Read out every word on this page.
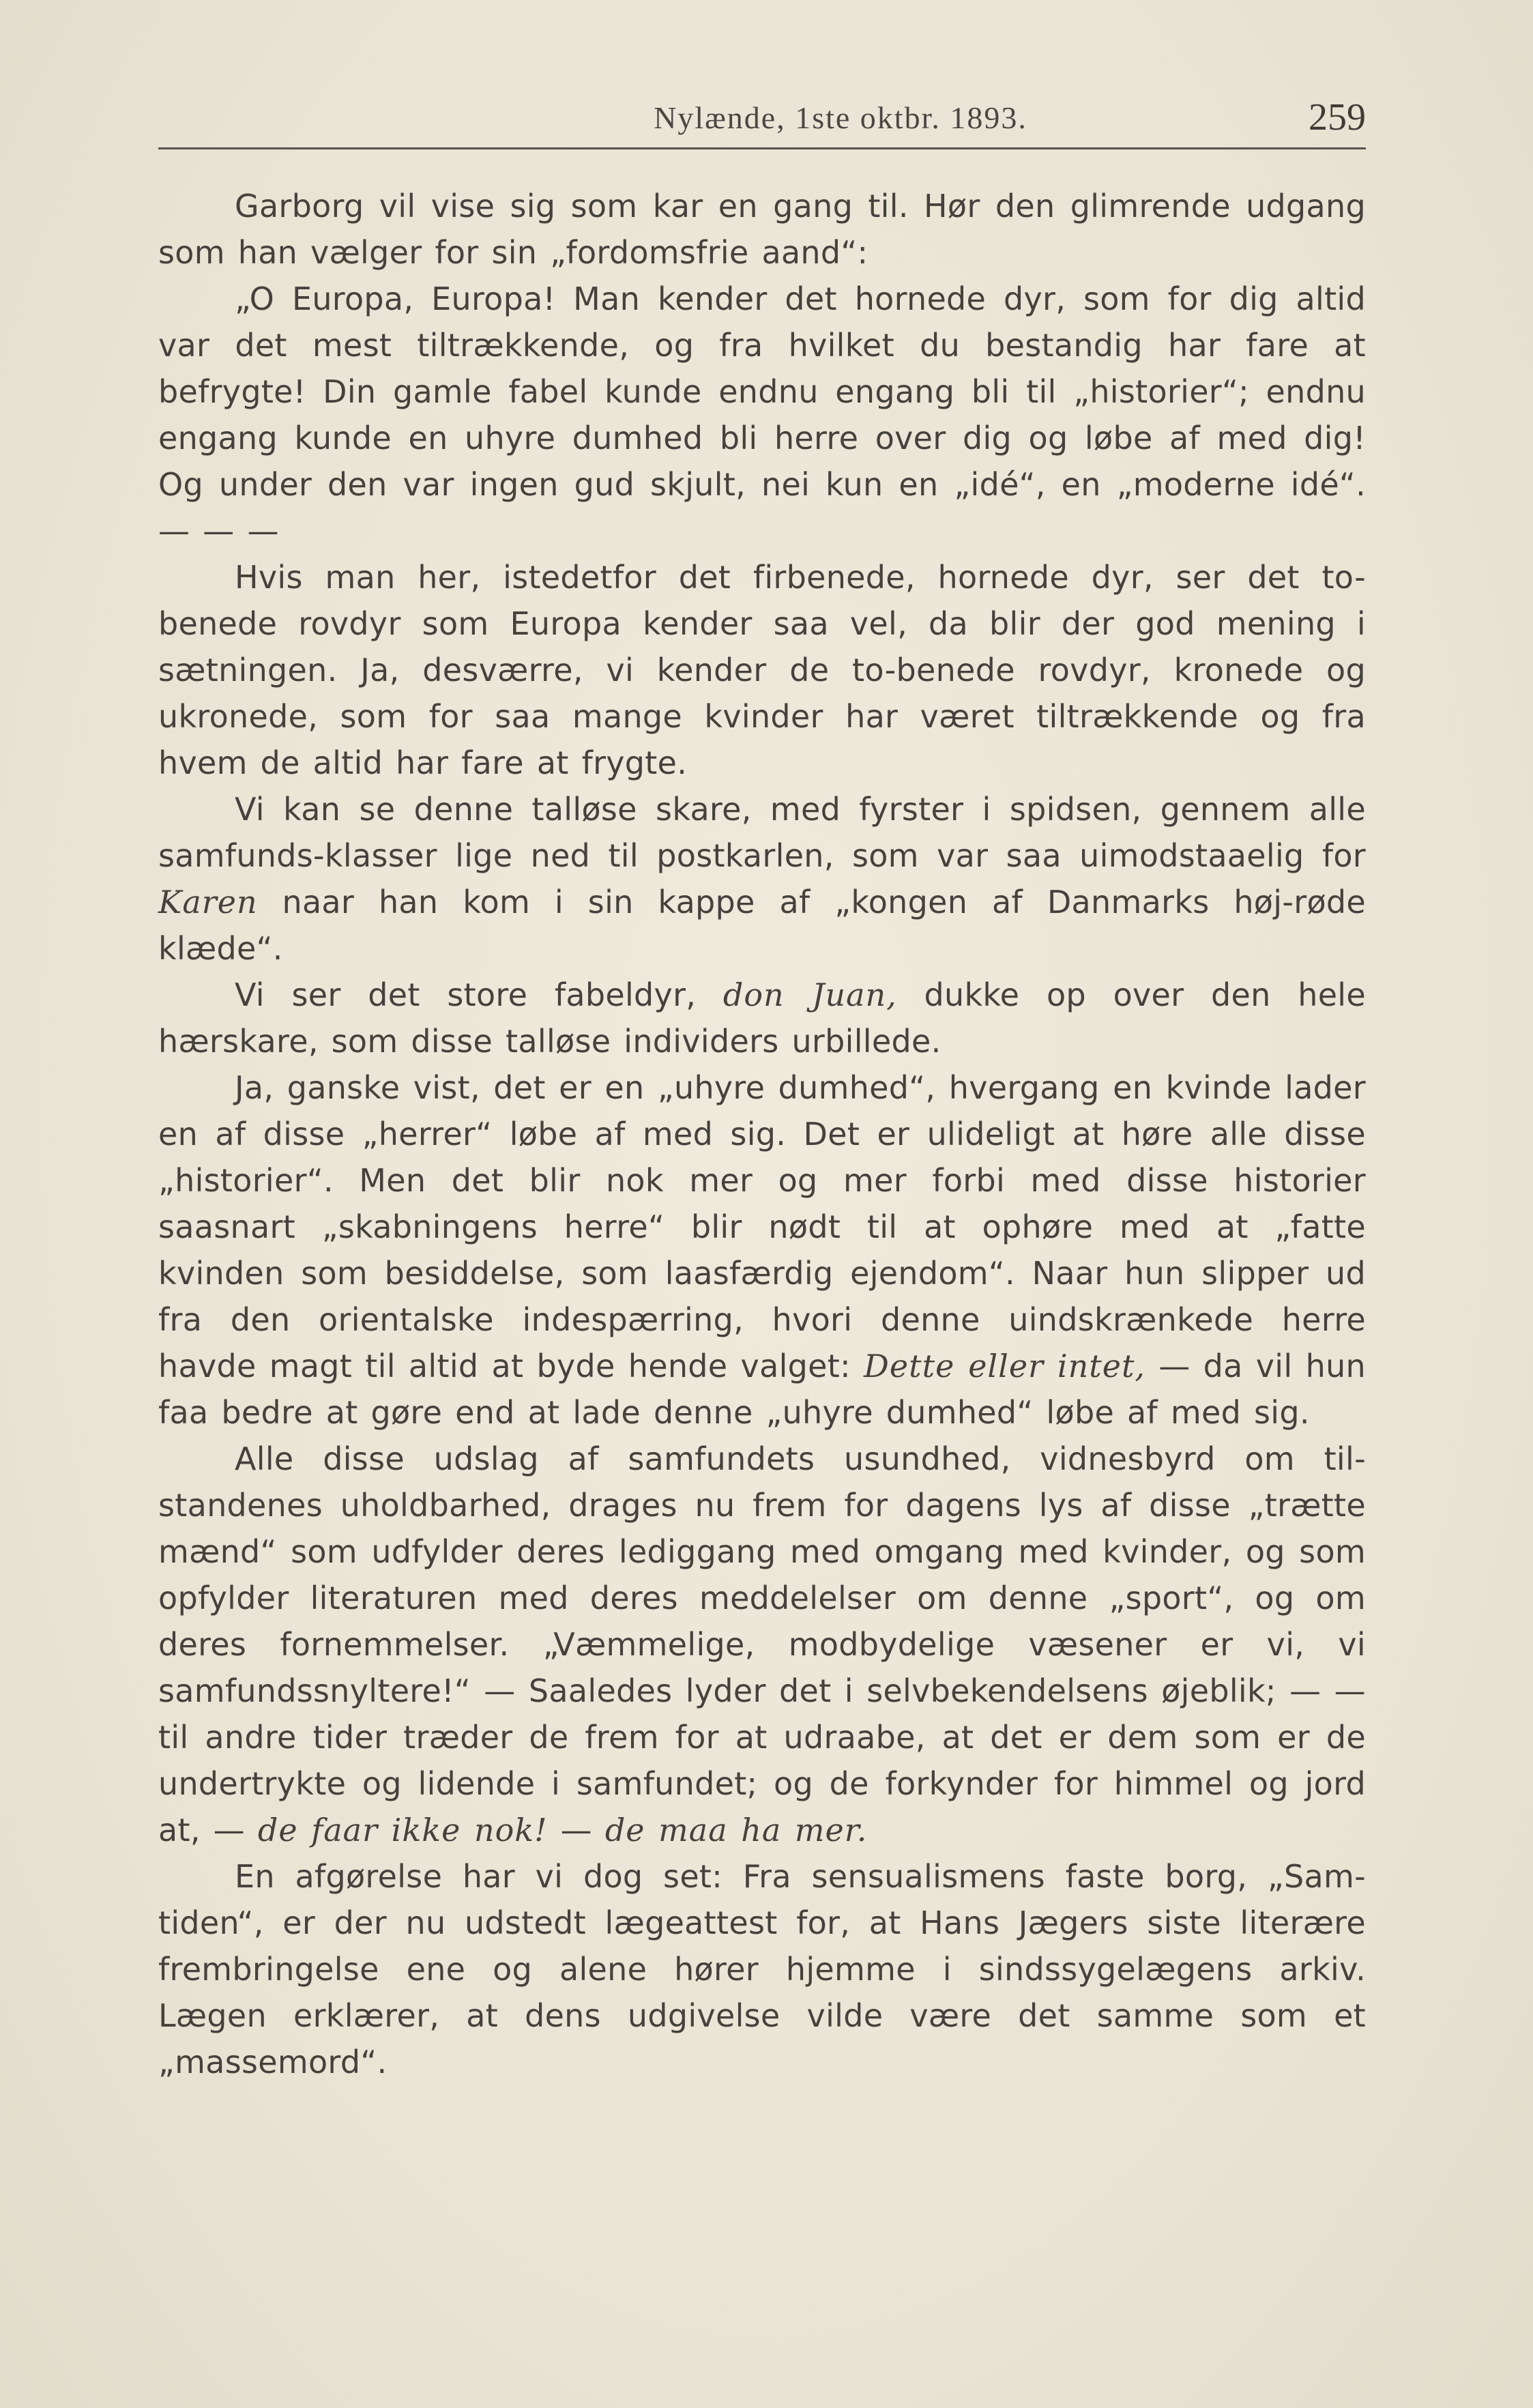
Nylænde, 1ste oktbr. 1893.	259

Garborg vil vise sig som kar en gang til. Hør den glimrende udgang som han vælger for sin „fordomsfrie aand“:

„O Europa, Europa! Man kender det hornede dyr, som for dig altid var det mest tiltrækkende, og fra hvilket du bestandig har fare at befrygte! Din gamle fabel kunde endnu engang bli til „historier“; endnu engang kunde en uhyre dumhed bli herre over dig og løbe af med dig! Og under den var ingen gud skjult, nei kun en „idé“, en „moderne idé“. — — —

Hvis man her, istedetfor det firbenede, hornede dyr, ser det to-benede rovdyr som Europa kender saa vel, da blir der god mening i sætningen. Ja, desværre, vi kender de to-benede rovdyr, kronede og ukronede, som for saa mange kvinder har været tiltrækkende og fra hvem de altid har fare at frygte.

Vi kan se denne talløse skare, med fyrster i spidsen, gennem alle samfunds-klasser lige ned til postkarlen, som var saa uimodstaaelig for Karen naar han kom i sin kappe af „kongen af Danmarks høj-røde klæde“.

Vi ser det store fabeldyr, don Juan, dukke op over den hele hærskare, som disse talløse individers urbillede.

Ja, ganske vist, det er en „uhyre dumhed“, hvergang en kvinde lader en af disse „herrer“ løbe af med sig. Det er ulideligt at høre alle disse „historier“. Men det blir nok mer og mer forbi med disse historier saasnart „skabningens herre“ blir nødt til at ophøre med at „fatte kvinden som besiddelse, som laasfærdig ejendom“. Naar hun slipper ud fra den orientalske indespærring, hvori denne uindskrænkede herre havde magt til altid at byde hende valget: Dette eller intet, — da vil hun faa bedre at gøre end at lade denne „uhyre dumhed“ løbe af med sig.

Alle disse udslag af samfundets usundhed, vidnesbyrd om til-standenes uholdbarhed, drages nu frem for dagens lys af disse „trætte mænd“ som udfylder deres lediggang med omgang med kvinder, og som opfylder literaturen med deres meddelelser om denne „sport“, og om deres fornemmelser. „Væmmelige, modbydelige væsener er vi, vi samfundssnyltere!“ — Saaledes lyder det i selvbekendelsens øjeblik; — — til andre tider træder de frem for at udraabe, at det er dem som er de undertrykte og lidende i samfundet; og de forkynder for himmel og jord at, — de faar ikke nok! — de maa ha mer.

En afgørelse har vi dog set: Fra sensualismens faste borg, „Sam-tiden“, er der nu udstedt lægeattest for, at Hans Jægers siste literære frembringelse ene og alene hører hjemme i sindssygelægens arkiv. Lægen erklærer, at dens udgivelse vilde være det samme som et „massemord“.
